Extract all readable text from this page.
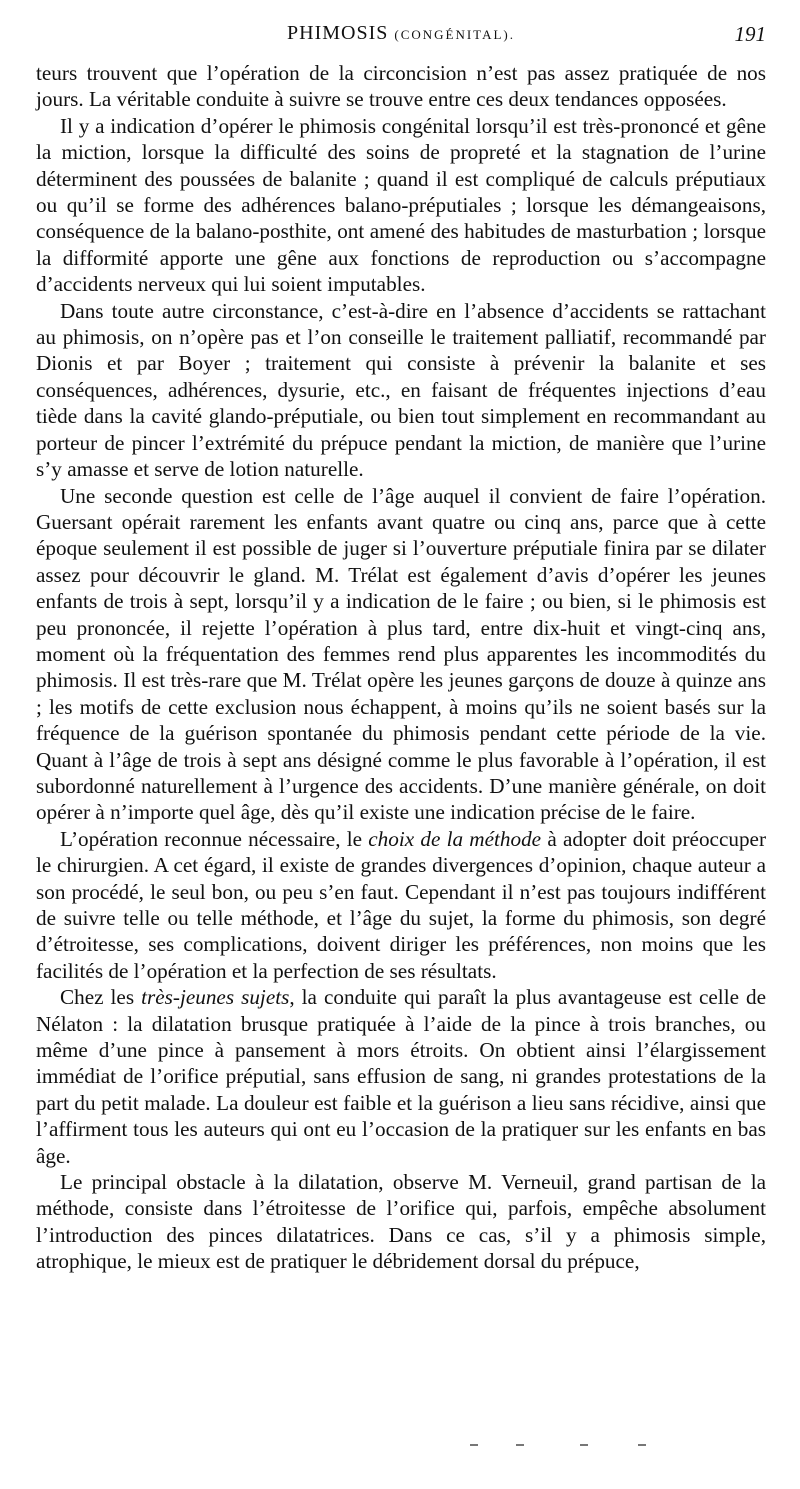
PHIMOSIS (CONGÉNITAL).	191

teurs trouvent que l’opération de la circoncision n’est pas assez pratiquée de nos jours. La véritable conduite à suivre se trouve entre ces deux tendances opposées.

Il y a indication d’opérer le phimosis congénital lorsqu’il est très-prononcé et gêne la miction, lorsque la difficulté des soins de propreté et la stagnation de l’urine déterminent des poussées de balanite ; quand il est compliqué de calculs préputiaux ou qu’il se forme des adhérences balano-préputiales ; lorsque les démangeaisons, conséquence de la balano-posthite, ont amené des habitudes de masturbation ; lorsque la difformité apporte une gêne aux fonctions de reproduction ou s’accompagne d’accidents nerveux qui lui soient imputables.

Dans toute autre circonstance, c’est-à-dire en l’absence d’accidents se rattachant au phimosis, on n’opère pas et l’on conseille le traitement palliatif, recommandé par Dionis et par Boyer ; traitement qui consiste à prévenir la balanite et ses conséquences, adhérences, dysurie, etc., en faisant de fréquentes injections d’eau tiède dans la cavité glando-préputiale, ou bien tout simplement en recommandant au porteur de pincer l’extrémité du prépuce pendant la miction, de manière que l’urine s’y amasse et serve de lotion naturelle.

Une seconde question est celle de l’âge auquel il convient de faire l’opération. Guersant opérait rarement les enfants avant quatre ou cinq ans, parce que à cette époque seulement il est possible de juger si l’ouverture préputiale finira par se dilater assez pour découvrir le gland. M. Trélat est également d’avis d’opérer les jeunes enfants de trois à sept, lorsqu’il y a indication de le faire ; ou bien, si le phimosis est peu prononcée, il rejette l’opération à plus tard, entre dix-huit et vingt-cinq ans, moment où la fréquentation des femmes rend plus apparentes les incommodités du phimosis. Il est très-rare que M. Trélat opère les jeunes garçons de douze à quinze ans ; les motifs de cette exclusion nous échappent, à moins qu’ils ne soient basés sur la fréquence de la guérison spontanée du phimosis pendant cette période de la vie. Quant à l’âge de trois à sept ans désigné comme le plus favorable à l’opération, il est subordonné naturellement à l’urgence des accidents. D’une manière générale, on doit opérer à n’importe quel âge, dès qu’il existe une indication précise de le faire.

L’opération reconnue nécessaire, le choix de la méthode à adopter doit préoccuper le chirurgien. A cet égard, il existe de grandes divergences d’opinion, chaque auteur a son procédé, le seul bon, ou peu s’en faut. Cependant il n’est pas toujours indifférent de suivre telle ou telle méthode, et l’âge du sujet, la forme du phimosis, son degré d’étroitesse, ses complications, doivent diriger les préférences, non moins que les facilités de l’opération et la perfection de ses résultats.

Chez les très-jeunes sujets, la conduite qui paraît la plus avantageuse est celle de Nélaton : la dilatation brusque pratiquée à l’aide de la pince à trois branches, ou même d’une pince à pansement à mors étroits. On obtient ainsi l’élargissement immédiat de l’orifice préputial, sans effusion de sang, ni grandes protestations de la part du petit malade. La douleur est faible et la guérison a lieu sans récidive, ainsi que l’affirment tous les auteurs qui ont eu l’occasion de la pratiquer sur les enfants en bas âge.

Le principal obstacle à la dilatation, observe M. Verneuil, grand partisan de la méthode, consiste dans l’étroitesse de l’orifice qui, parfois, empêche absolument l’introduction des pinces dilatatrices. Dans ce cas, s’il y a phimosis simple, atrophique, le mieux est de pratiquer le débridement dorsal du prépuce,
